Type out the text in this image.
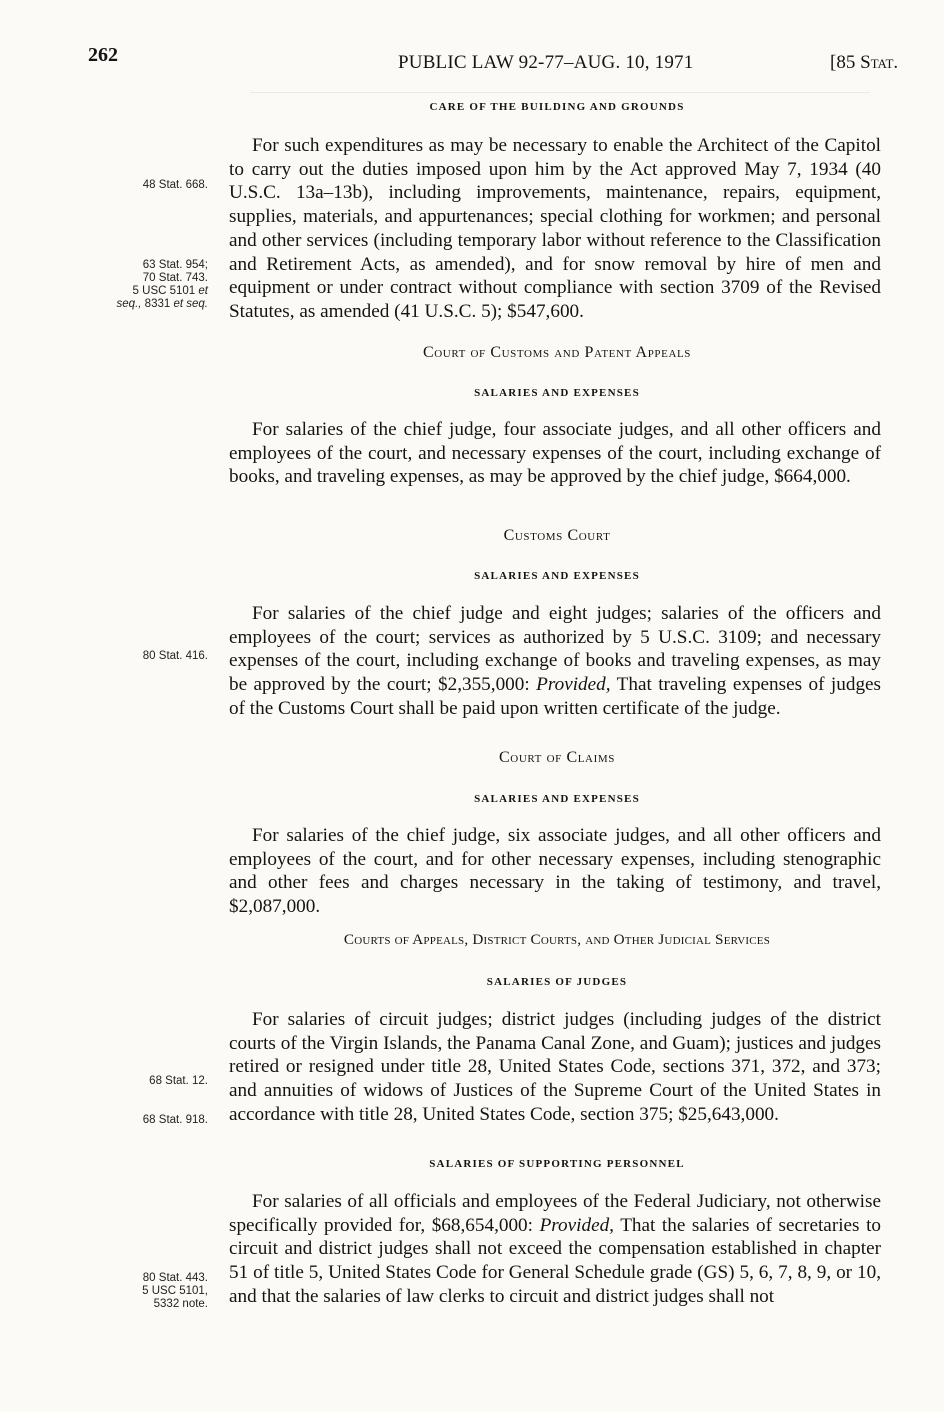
262	PUBLIC LAW 92-77–AUG. 10, 1971	[85 Stat.
CARE OF THE BUILDING AND GROUNDS

For such expenditures as may be necessary to enable the Architect of the Capitol to carry out the duties imposed upon him by the Act approved May 7, 1934 (40 U.S.C. 13a–13b), including improvements, maintenance, repairs, equipment, supplies, materials, and appurtenances; special clothing for workmen; and personal and other services (including temporary labor without reference to the Classification and Retirement Acts, as amended), and for snow removal by hire of men and equipment or under contract without compliance with section 3709 of the Revised Statutes, as amended (41 U.S.C. 5); $547,600.

Court of Customs and Patent Appeals
SALARIES AND EXPENSES

For salaries of the chief judge, four associate judges, and all other officers and employees of the court, and necessary expenses of the court, including exchange of books, and traveling expenses, as may be approved by the chief judge, $664,000.

Customs Court
SALARIES AND EXPENSES

For salaries of the chief judge and eight judges; salaries of the officers and employees of the court; services as authorized by 5 U.S.C. 3109; and necessary expenses of the court, including exchange of books and traveling expenses, as may be approved by the court; $2,355,000: Provided, That traveling expenses of judges of the Customs Court shall be paid upon written certificate of the judge.

Court of Claims
SALARIES AND EXPENSES

For salaries of the chief judge, six associate judges, and all other officers and employees of the court, and for other necessary expenses, including stenographic and other fees and charges necessary in the taking of testimony, and travel, $2,087,000.

Courts of Appeals, District Courts, and Other Judicial Services
SALARIES OF JUDGES

For salaries of circuit judges; district judges (including judges of the district courts of the Virgin Islands, the Panama Canal Zone, and Guam); justices and judges retired or resigned under title 28, United States Code, sections 371, 372, and 373; and annuities of widows of Justices of the Supreme Court of the United States in accordance with title 28, United States Code, section 375; $25,643,000.

SALARIES OF SUPPORTING PERSONNEL

For salaries of all officials and employees of the Federal Judiciary, not otherwise specifically provided for, $68,654,000: Provided, That the salaries of secretaries to circuit and district judges shall not exceed the compensation established in chapter 51 of title 5, United States Code for General Schedule grade (GS) 5, 6, 7, 8, 9, or 10, and that the salaries of law clerks to circuit and district judges shall not

48 Stat. 668.
63 Stat. 954;
70 Stat. 743.
5 USC 5101 et
seq., 8331 et seq.
80 Stat. 416.
68 Stat. 12.
68 Stat. 918.
80 Stat. 443.
5 USC 5101,
5332 note.
